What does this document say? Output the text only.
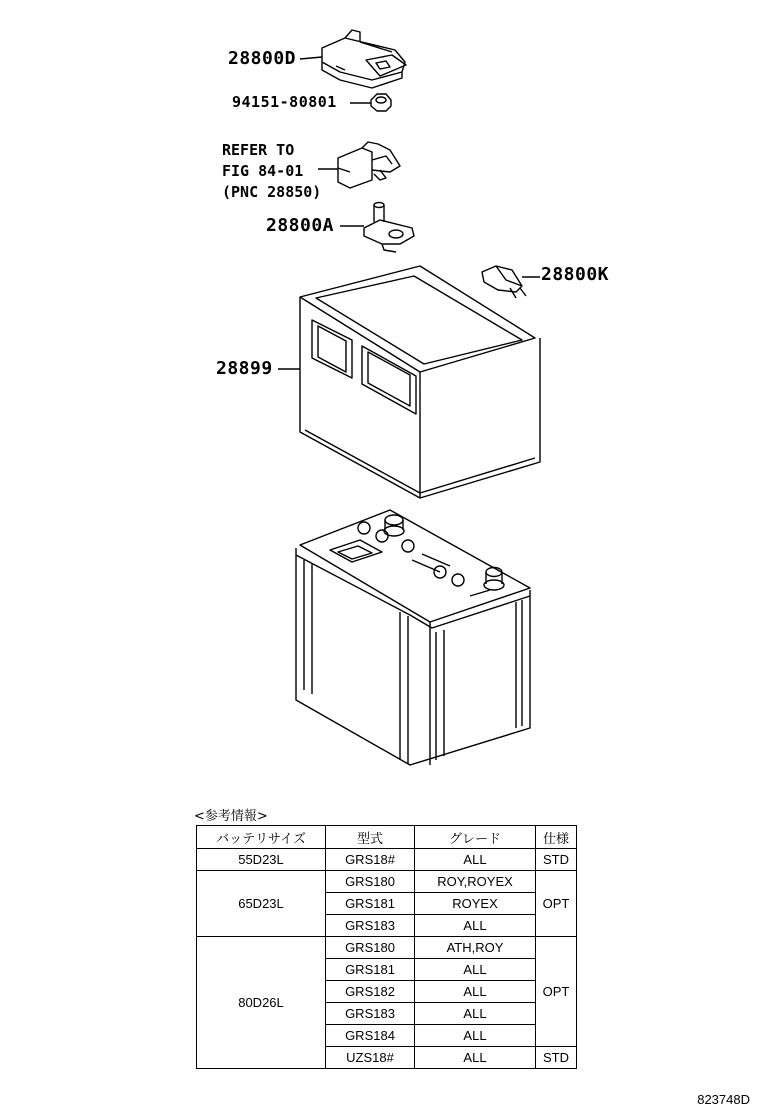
28800D
94151-80801
REFER TO
FIG 84-01
(PNC 28850)
28800A
28800K
28899
<参考情報>
バッテリサイズ	型式	グレード	仕様
55D23L	GRS18#	ALL	STD
65D23L	GRS180	ROY,ROYEX	OPT
	GRS181	ROYEX	
	GRS183	ALL	
80D26L	GRS180	ATH,ROY	OPT
	GRS181	ALL	
	GRS182	ALL	
	GRS183	ALL	
	GRS184	ALL	
	UZS18#	ALL	STD
823748D
